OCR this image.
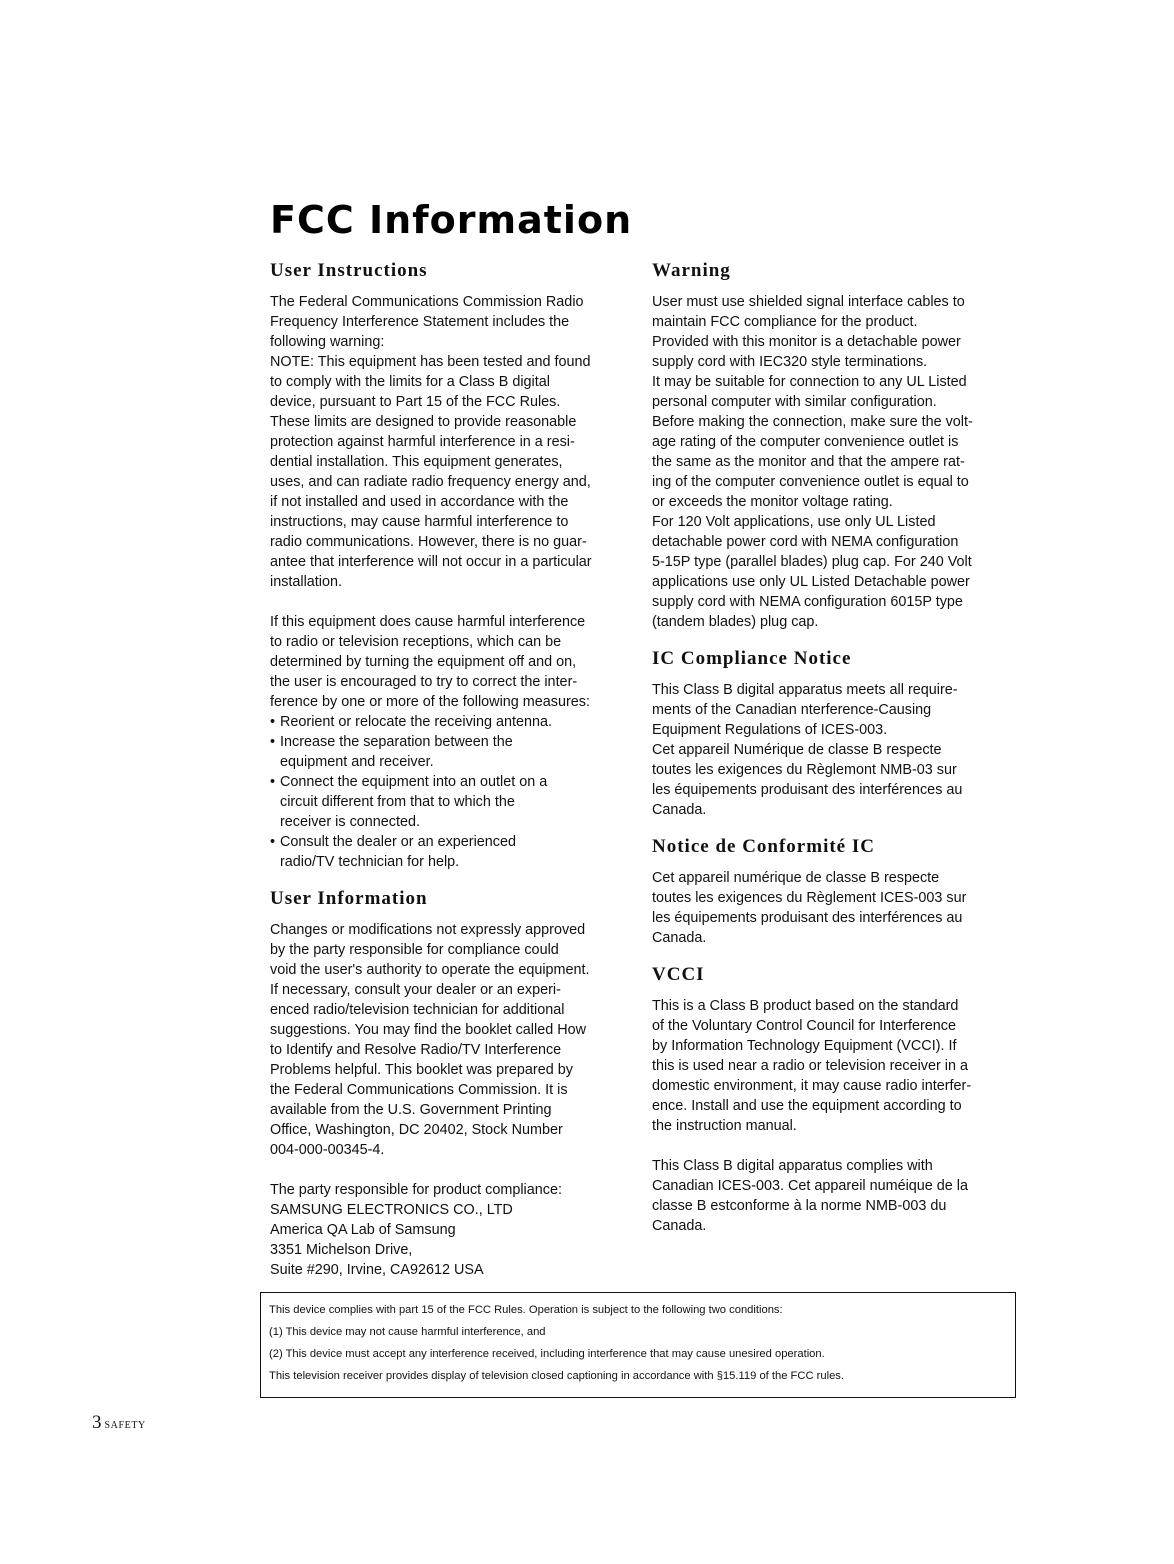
FCC Information
User Instructions

The Federal Communications Commission Radio
Frequency Interference Statement includes the
following warning:
NOTE: This equipment has been tested and found
to comply with the limits for a Class B digital
device, pursuant to Part 15 of the FCC Rules.
These limits are designed to provide reasonable
protection against harmful interference in a resi-
dential installation. This equipment generates,
uses, and can radiate radio frequency energy and,
if not installed and used in accordance with the
instructions, may cause harmful interference to
radio communications. However, there is no guar-
antee that interference will not occur in a particular
installation.

If this equipment does cause harmful interference
to radio or television receptions, which can be
determined by turning the equipment off and on,
the user is encouraged to try to correct the inter-
ference by one or more of the following measures:

• Reorient or relocate the receiving antenna.
• Increase the separation between the
equipment and receiver.
• Connect the equipment into an outlet on a
circuit different from that to which the
receiver is connected.
• Consult the dealer or an experienced
radio/TV technician for help.
User Information

Changes or modifications not expressly approved
by the party responsible for compliance could
void the user's authority to operate the equipment.
If necessary, consult your dealer or an experi-
enced radio/television technician for additional
suggestions. You may find the booklet called How
to Identify and Resolve Radio/TV Interference
Problems helpful. This booklet was prepared by
the Federal Communications Commission. It is
available from the U.S. Government Printing
Office, Washington, DC 20402, Stock Number
004-000-00345-4.

The party responsible for product compliance:
SAMSUNG ELECTRONICS CO., LTD
America QA Lab of Samsung
3351 Michelson Drive,
Suite #290, Irvine, CA92612 USA

Warning

User must use shielded signal interface cables to
maintain FCC compliance for the product.
Provided with this monitor is a detachable power
supply cord with IEC320 style terminations.
It may be suitable for connection to any UL Listed
personal computer with similar configuration.
Before making the connection, make sure the volt-
age rating of the computer convenience outlet is
the same as the monitor and that the ampere rat-
ing of the computer convenience outlet is equal to
or exceeds the monitor voltage rating.
For 120 Volt applications, use only UL Listed
detachable power cord with NEMA configuration
5-15P type (parallel blades) plug cap. For 240 Volt
applications use only UL Listed Detachable power
supply cord with NEMA configuration 6015P type
(tandem blades) plug cap.

IC Compliance Notice

This Class B digital apparatus meets all require-
ments of the Canadian nterference-Causing
Equipment Regulations of ICES-003.
Cet appareil Numérique de classe B respecte
toutes les exigences du Règlemont NMB-03 sur
les équipements produisant des interférences au
Canada.

Notice de Conformité IC

Cet appareil numérique de classe B respecte
toutes les exigences du Règlement ICES-003 sur
les équipements produisant des interférences au
Canada.

VCCI

This is a Class B product based on the standard
of the Voluntary Control Council for Interference
by Information Technology Equipment (VCCI). If
this is used near a radio or television receiver in a
domestic environment, it may cause radio interfer-
ence. Install and use the equipment according to
the instruction manual.

This Class B digital apparatus complies with
Canadian ICES-003. Cet appareil numéique de la
classe B estconforme à la norme NMB-003 du
Canada.

This device complies with part 15 of the FCC Rules. Operation is subject to the following two conditions:

(1) This device may not cause harmful interference, and

(2) This device must accept any interference received, including interference that may cause unesired operation.

This television receiver provides display of television closed captioning in accordance with §15.119 of the FCC rules.

3 SAFETY
